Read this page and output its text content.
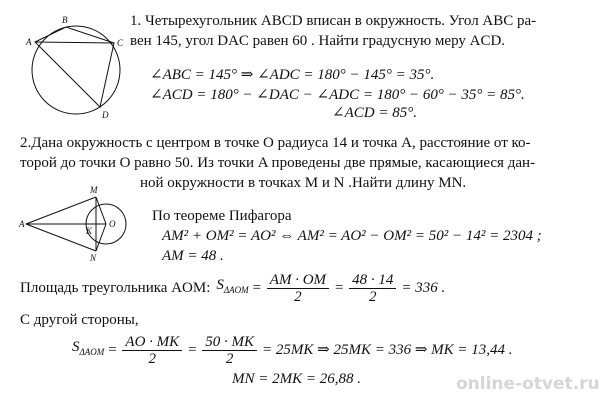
A
B
C
D
1. Четырехугольник ABCD вписан в окружность. Угол ABC ра-
вен 145, угол DAC равен 60 . Найти градусную меру ACD.
∠ABC = 145° ⇒ ∠ADC = 180° − 145° = 35°.
∠ACD = 180° − ∠DAC − ∠ADC = 180° − 60° − 35° = 85°.
∠ACD = 85°.
2.Дана окружность с центром в точке O радиуса 14 и точка A, расстояние от ко-
торой до точки O равно 50. Из точки A проведены две прямые, касающиеся дан-
ной окружности в точках M и N .Найти длину MN.
A
M
N
K
O По теореме Пифагора
AM² + OM² = AO² ⇔ AM² = AO² − OM² = 50² − 14² = 2304 ;
AM = 48 .
Площадь треугольника AOM: $S_{\Delta AOM} = \frac{AM \cdot OM}{2} = \frac{48 \cdot 14}{2} = 336$ .
С другой стороны,
$S_{\Delta AOM} = \frac{AO \cdot MK}{2} = \frac{50 \cdot MK}{2} = 25MK$ ⇒ 25MK = 336 ⇒ MK = 13,44 .
MN = 2MK = 26,88 .	online-otvet.ru
